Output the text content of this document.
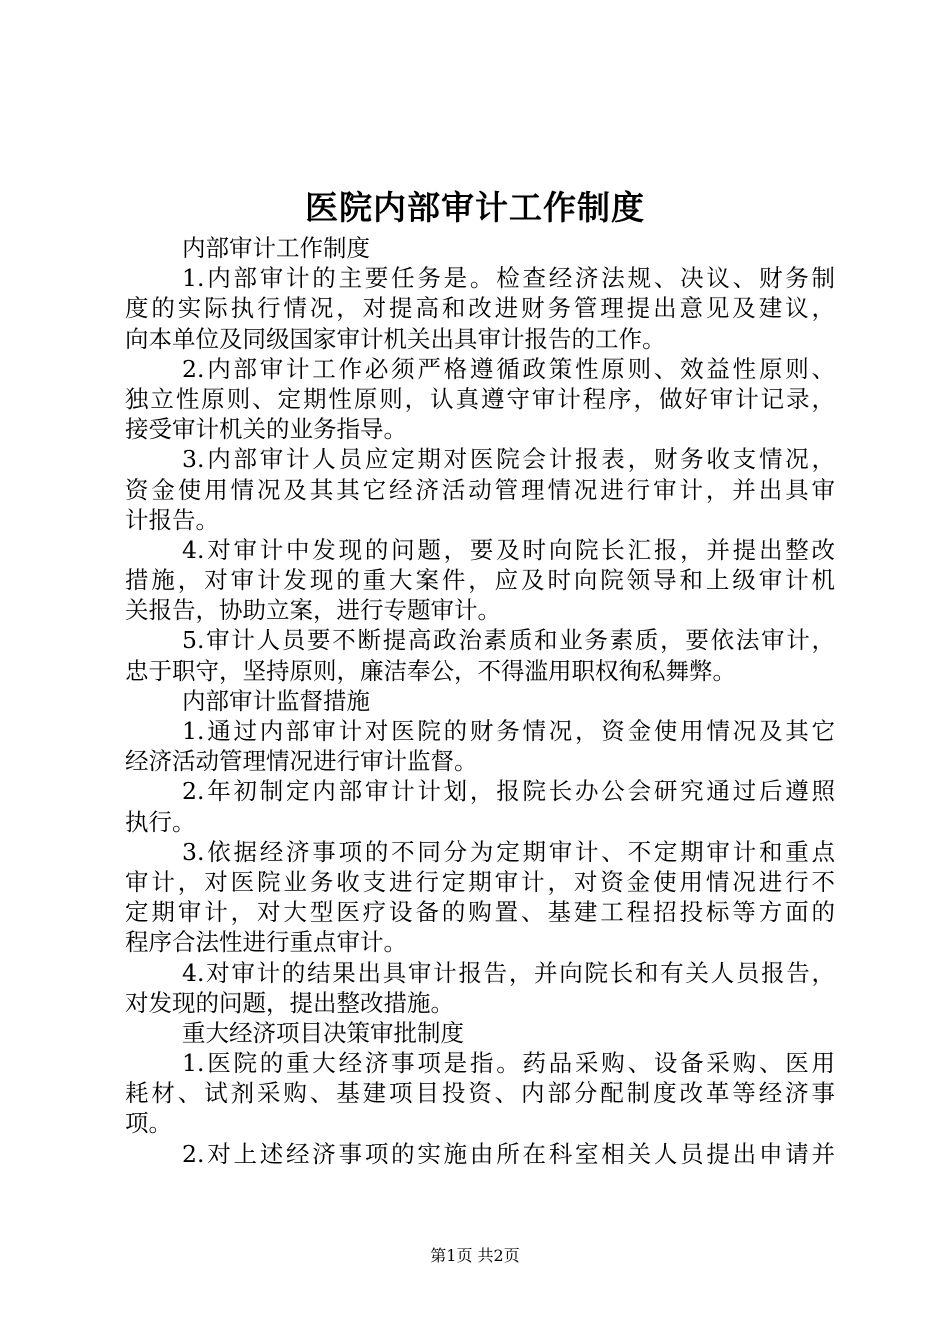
医院内部审计工作制度
内部审计工作制度
1.内部审计的主要任务是。检查经济法规、决议、财务制
度的实际执行情况，对提高和改进财务管理提出意见及建议，
向本单位及同级国家审计机关出具审计报告的工作。
2.内部审计工作必须严格遵循政策性原则、效益性原则、
独立性原则、定期性原则，认真遵守审计程序，做好审计记录，
接受审计机关的业务指导。
3.内部审计人员应定期对医院会计报表，财务收支情况，
资金使用情况及其其它经济活动管理情况进行审计，并出具审
计报告。
4.对审计中发现的问题，要及时向院长汇报，并提出整改
措施，对审计发现的重大案件，应及时向院领导和上级审计机
关报告，协助立案，进行专题审计。
5.审计人员要不断提高政治素质和业务素质，要依法审计，
忠于职守，坚持原则，廉洁奉公，不得滥用职权徇私舞弊。
内部审计监督措施
1.通过内部审计对医院的财务情况，资金使用情况及其它
经济活动管理情况进行审计监督。
2.年初制定内部审计计划，报院长办公会研究通过后遵照
执行。
3.依据经济事项的不同分为定期审计、不定期审计和重点
审计，对医院业务收支进行定期审计，对资金使用情况进行不
定期审计，对大型医疗设备的购置、基建工程招投标等方面的
程序合法性进行重点审计。
4.对审计的结果出具审计报告，并向院长和有关人员报告，
对发现的问题，提出整改措施。
重大经济项目决策审批制度
1.医院的重大经济事项是指。药品采购、设备采购、医用
耗材、试剂采购、基建项目投资、内部分配制度改革等经济事
项。
2.对上述经济事项的实施由所在科室相关人员提出申请并
第1页 共2页
